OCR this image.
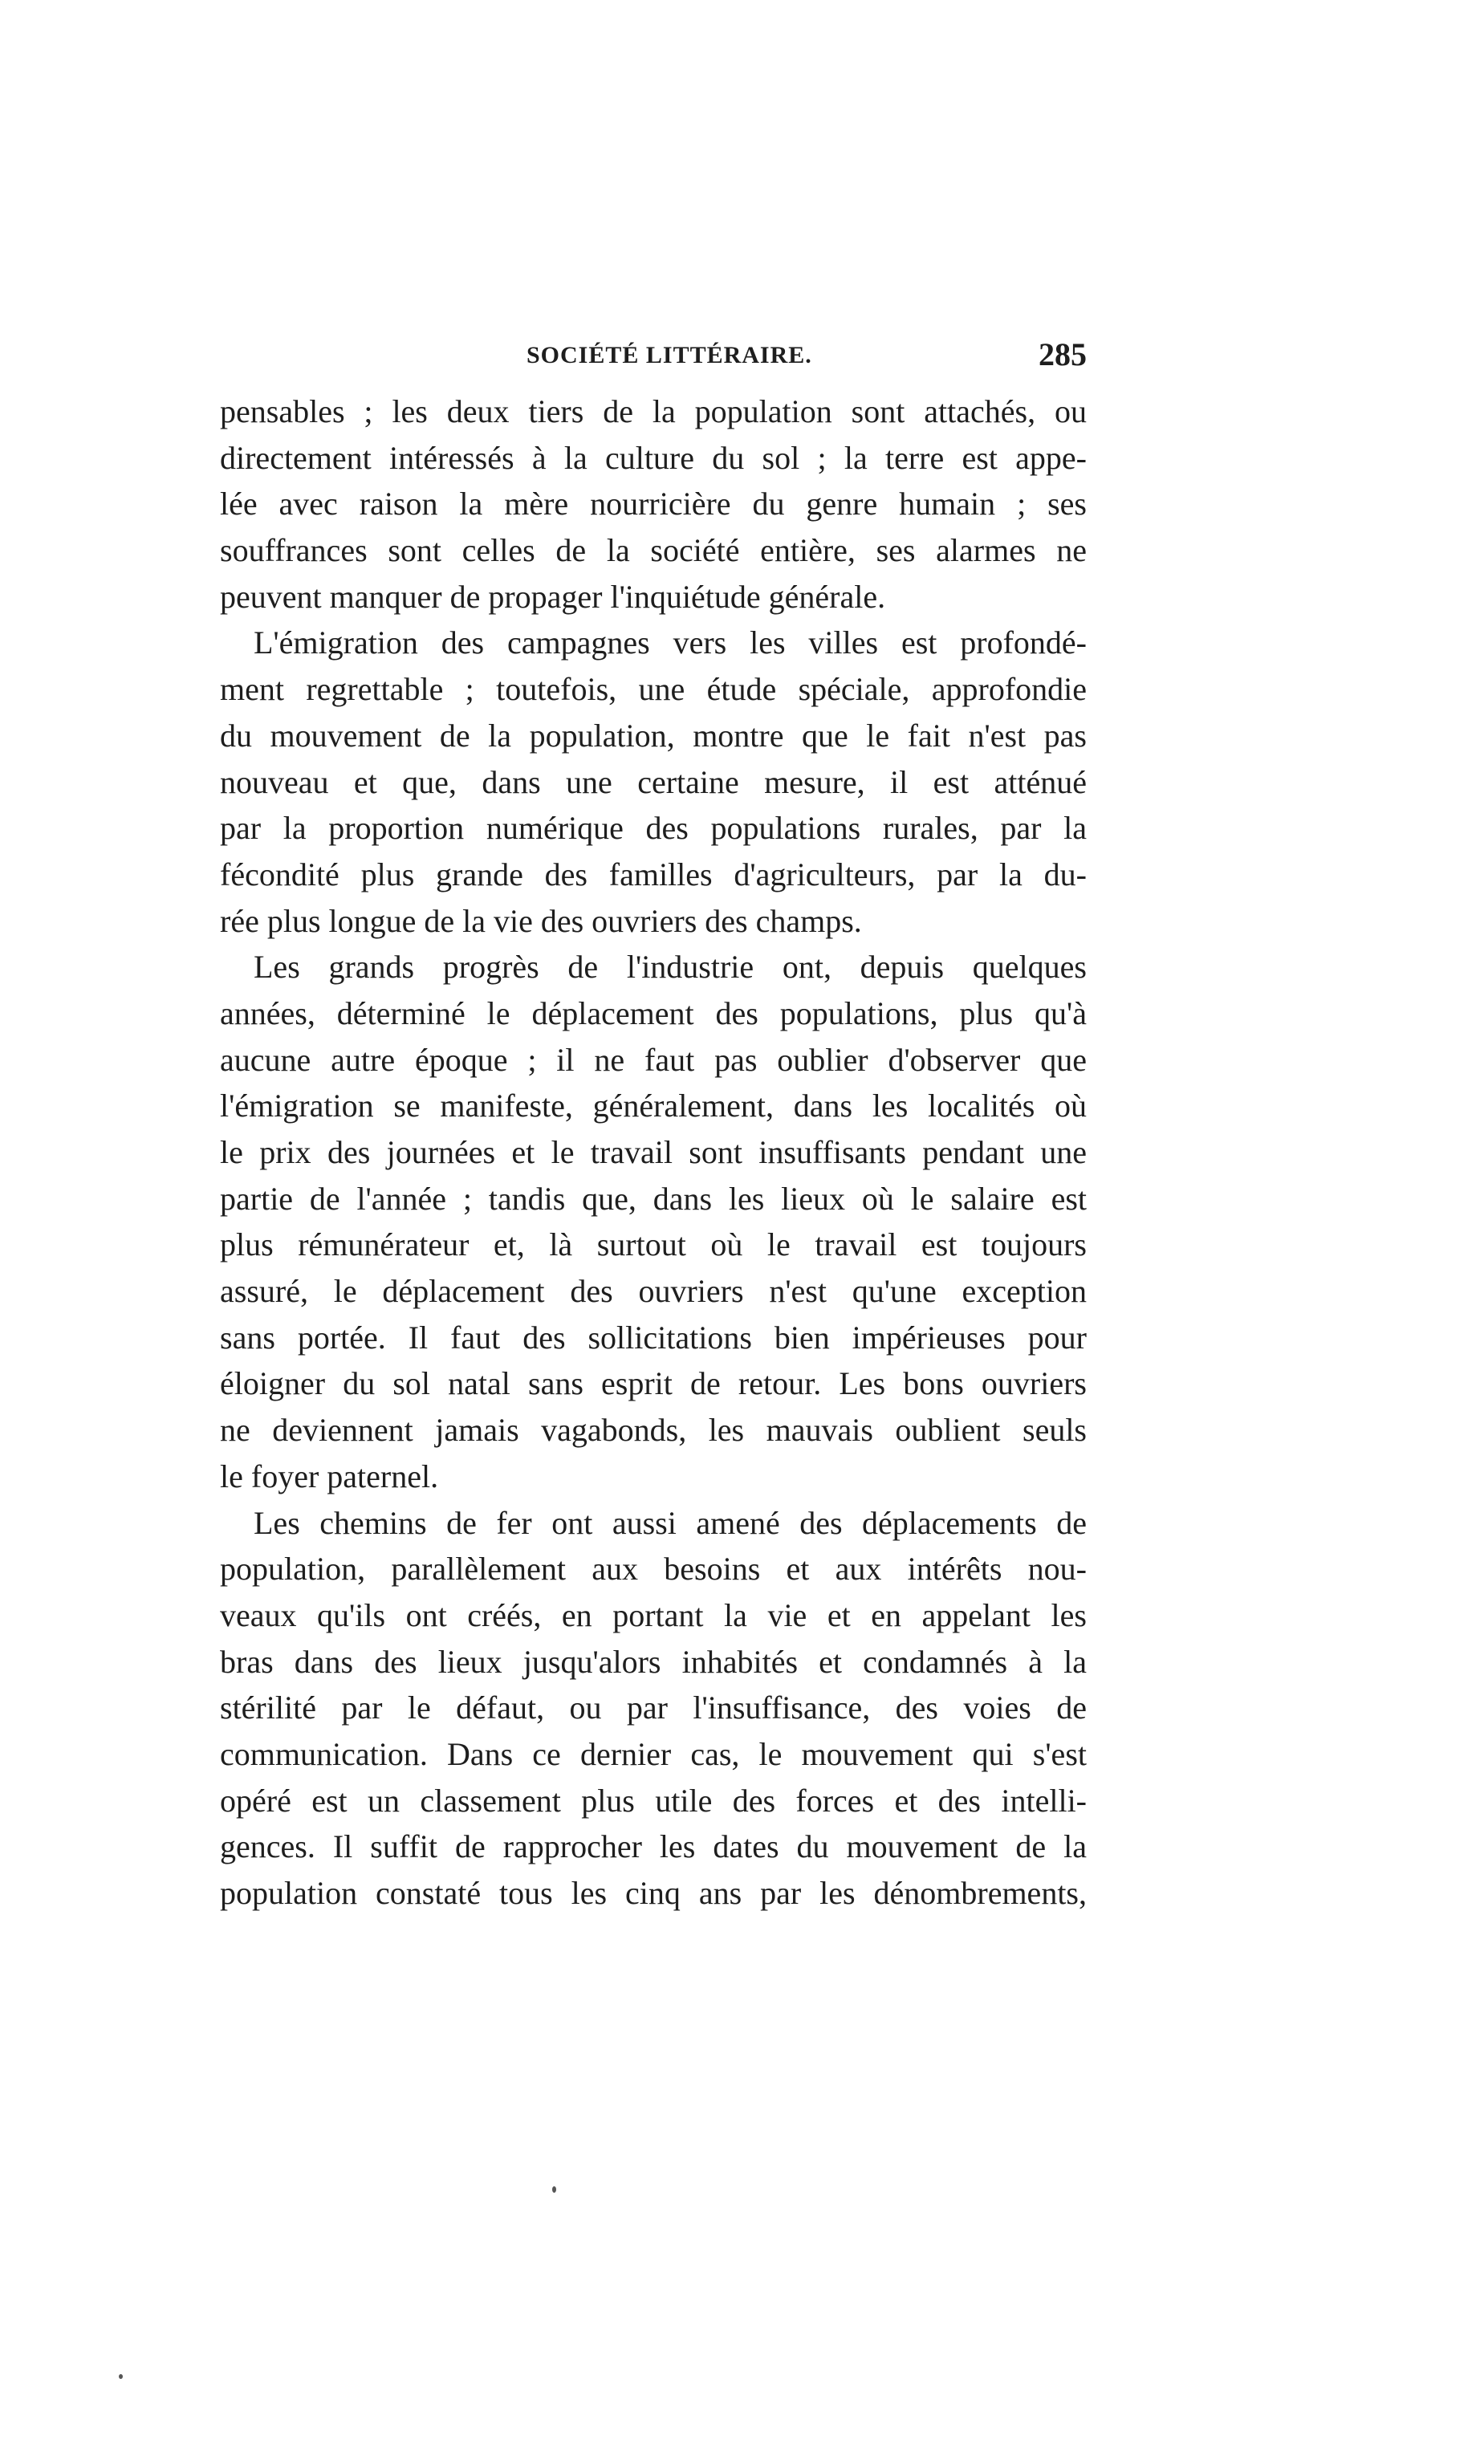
SOCIÉTÉ LITTÉRAIRE.	285

pensables ; les deux tiers de la population sont attachés, ou
directement intéressés à la culture du sol ; la terre est appe-
lée avec raison la mère nourricière du genre humain ; ses
souffrances sont celles de la société entière, ses alarmes ne
peuvent manquer de propager l'inquiétude générale.

L'émigration des campagnes vers les villes est profondé-
ment regrettable ; toutefois, une étude spéciale, approfondie
du mouvement de la population, montre que le fait n'est pas
nouveau et que, dans une certaine mesure, il est atténué
par la proportion numérique des populations rurales, par la
fécondité plus grande des familles d'agriculteurs, par la du-
rée plus longue de la vie des ouvriers des champs.

Les grands progrès de l'industrie ont, depuis quelques
années, déterminé le déplacement des populations, plus qu'à
aucune autre époque ; il ne faut pas oublier d'observer que
l'émigration se manifeste, généralement, dans les localités où
le prix des journées et le travail sont insuffisants pendant une
partie de l'année ; tandis que, dans les lieux où le salaire est
plus rémunérateur et, là surtout où le travail est toujours
assuré, le déplacement des ouvriers n'est qu'une exception
sans portée. Il faut des sollicitations bien impérieuses pour
éloigner du sol natal sans esprit de retour. Les bons ouvriers
ne deviennent jamais vagabonds, les mauvais oublient seuls
le foyer paternel.

Les chemins de fer ont aussi amené des déplacements de
population, parallèlement aux besoins et aux intérêts nou-
veaux qu'ils ont créés, en portant la vie et en appelant les
bras dans des lieux jusqu'alors inhabités et condamnés à la
stérilité par le défaut, ou par l'insuffisance, des voies de
communication. Dans ce dernier cas, le mouvement qui s'est
opéré est un classement plus utile des forces et des intelli-
gences. Il suffit de rapprocher les dates du mouvement de la
population constaté tous les cinq ans par les dénombrements,
